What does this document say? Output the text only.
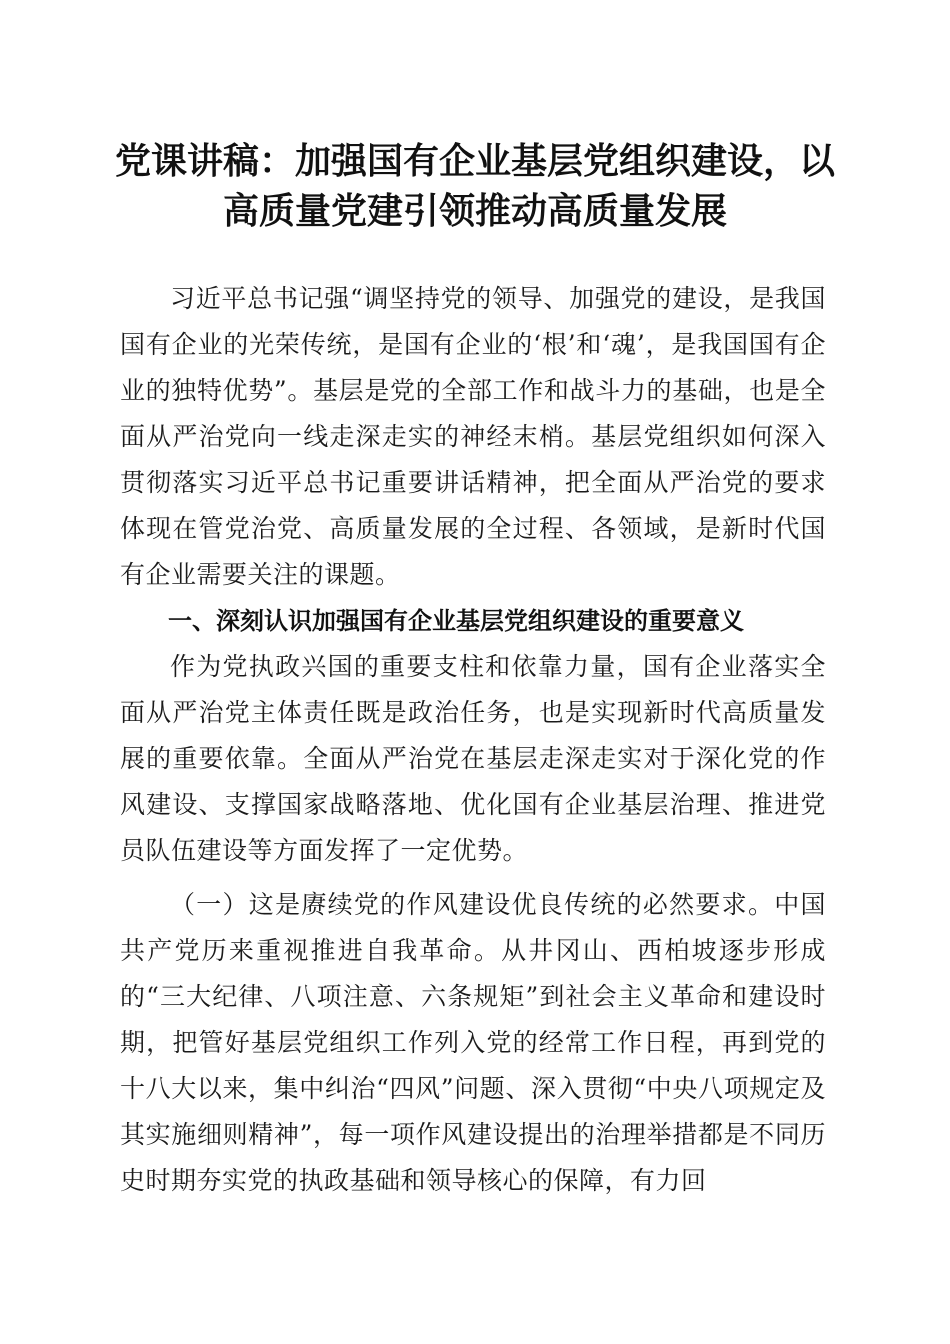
党课讲稿：加强国有企业基层党组织建设，以
高质量党建引领推动高质量发展

习近平总书记强“调坚持党的领导、加强党的建设，是我国国有企业的光荣传统，是国有企业的‘根’和‘魂’，是我国国有企业的独特优势”。基层是党的全部工作和战斗力的基础，也是全面从严治党向一线走深走实的神经末梢。基层党组织如何深入贯彻落实习近平总书记重要讲话精神，把全面从严治党的要求体现在管党治党、高质量发展的全过程、各领域，是新时代国有企业需要关注的课题。

一、深刻认识加强国有企业基层党组织建设的重要意义

作为党执政兴国的重要支柱和依靠力量，国有企业落实全面从严治党主体责任既是政治任务，也是实现新时代高质量发展的重要依靠。全面从严治党在基层走深走实对于深化党的作风建设、支撑国家战略落地、优化国有企业基层治理、推进党员队伍建设等方面发挥了一定优势。

（一）这是赓续党的作风建设优良传统的必然要求。中国共产党历来重视推进自我革命。从井冈山、西柏坡逐步形成的“三大纪律、八项注意、六条规矩”到社会主义革命和建设时期，把管好基层党组织工作列入党的经常工作日程，再到党的十八大以来，集中纠治“四风”问题、深入贯彻“中央八项规定及其实施细则精神”，每一项作风建设提出的治理举措都是不同历史时期夯实党的执政基础和领导核心的保障，有力回
